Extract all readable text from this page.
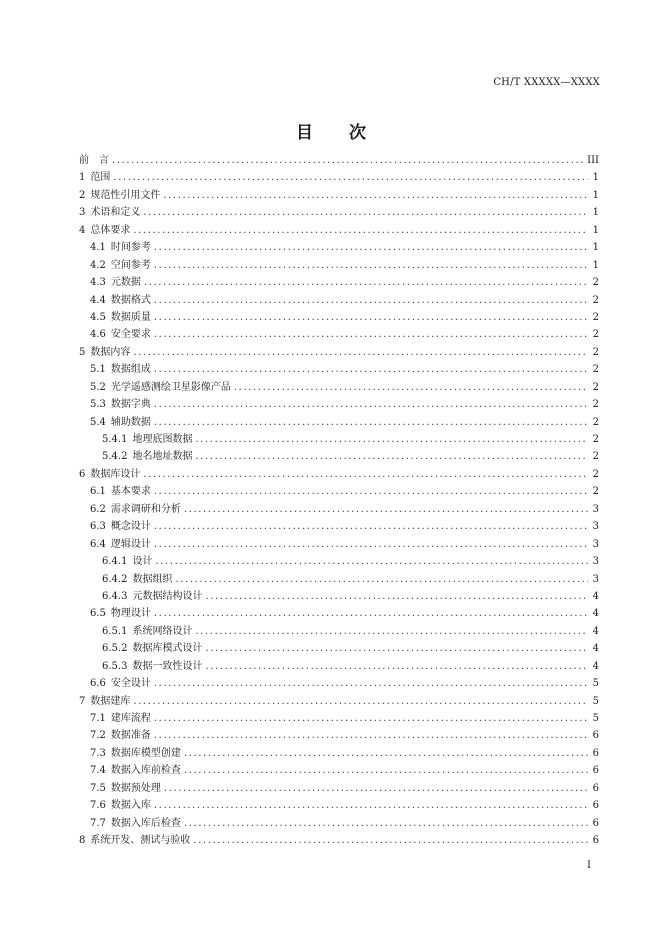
CH/T XXXXX—XXXX
目 次
前　言 .....	III
1 范围 .....	1
2 规范性引用文件 .....	1
3 术语和定义 .....	1
4 总体要求 .....	1
4.1 时间参考 .....	1
4.2 空间参考 .....	1
4.3 元数据 .....	2
4.4 数据格式 .....	2
4.5 数据质量 .....	2
4.6 安全要求 .....	2
5 数据内容 .....	2
5.1 数据组成 .....	2
5.2 光学遥感测绘卫星影像产品 .....	2
5.3 数据字典 .....	2
5.4 辅助数据 .....	2
5.4.1 地理底图数据 .....	2
5.4.2 地名地址数据 .....	2
6 数据库设计 .....	2
6.1 基本要求 .....	2
6.2 需求调研和分析 .....	3
6.3 概念设计 .....	3
6.4 逻辑设计 .....	3
6.4.1 设计 .....	3
6.4.2 数据组织 .....	3
6.4.3 元数据结构设计 .....	4
6.5 物理设计 .....	4
6.5.1 系统网络设计 .....	4
6.5.2 数据库模式设计 .....	4
6.5.3 数据一致性设计 .....	4
6.6 安全设计 .....	5
7 数据建库 .....	5
7.1 建库流程 .....	5
7.2 数据准备 .....	6
7.3 数据库模型创建 .....	6
7.4 数据入库前检查 .....	6
7.5 数据预处理 .....	6
7.6 数据入库 .....	6
7.7 数据入库后检查 .....	6
8 系统开发、测试与验收 .....	6
I
